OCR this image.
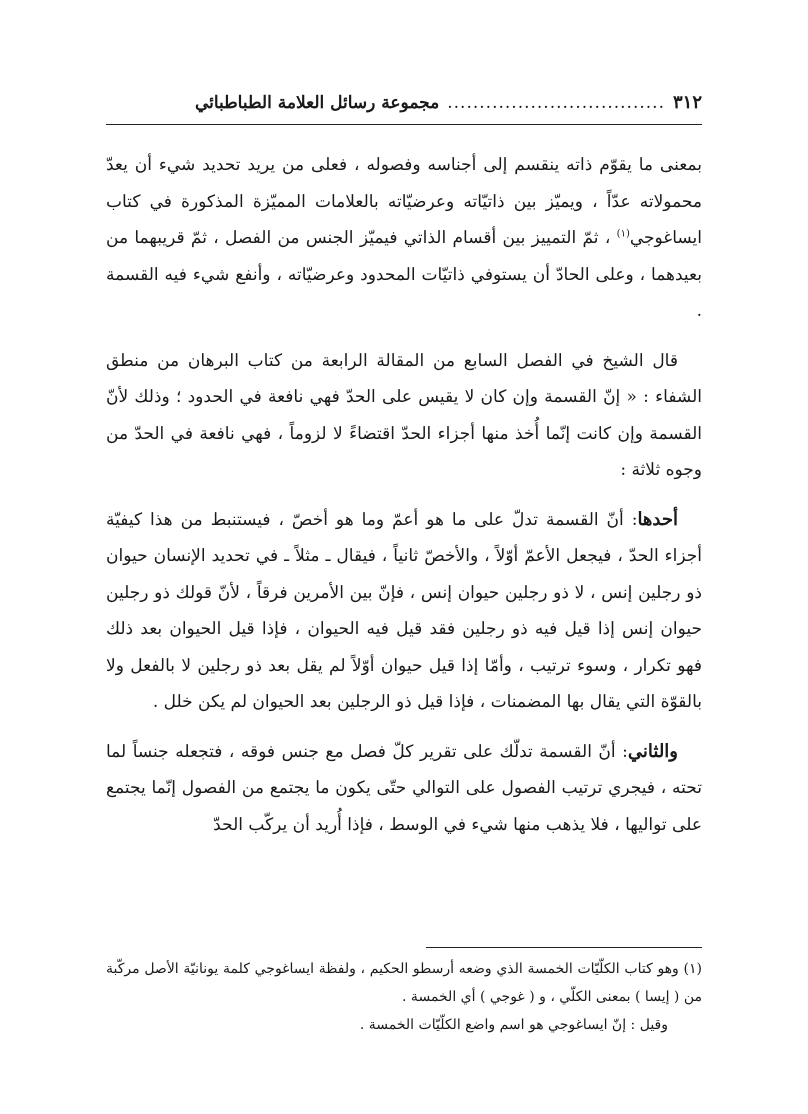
٣١٢
..................................
مجموعة رسائل العلامة الطباطبائي

بمعنى ما يقوّم ذاته ينقسم إلى أجناسه وفصوله ، فعلى من يريد تحديد شيء أن يعدّ محمولاته عدّاً ، ويميّز بين ذاتيّاته وعرضيّاته بالعلامات المميّزة المذكورة في كتاب ايساغوجي$^{(١)}$ ، ثمّ التمييز بين أقسام الذاتي فيميّز الجنس من الفصل ، ثمّ قريبهما من بعيدهما ، وعلى الحادّ أن يستوفي ذاتيّات المحدود وعرضيّاته ، وأنفع شيء فيه القسمة .

قال الشيخ في الفصل السابع من المقالة الرابعة من كتاب البرهان من منطق الشفاء : « إنّ القسمة وإن كان لا يقيس على الحدّ فهي نافعة في الحدود ؛ وذلك لأنّ القسمة وإن كانت إنّما أُخذ منها أجزاء الحدّ اقتضاءً لا لزوماً ، فهي نافعة في الحدّ من وجوه ثلاثة :

أحدها: أنّ القسمة تدلّ على ما هو أعمّ وما هو أخصّ ، فيستنبط من هذا كيفيّة أجزاء الحدّ ، فيجعل الأعمّ أوّلاً ، والأخصّ ثانياً ، فيقال ـ مثلاً ـ في تحديد الإنسان حيوان ذو رجلين إنس ، لا ذو رجلين حيوان إنس ، فإنّ بين الأمرين فرقاً ، لأنّ قولك ذو رجلين حيوان إنس إذا قيل فيه ذو رجلين فقد قيل فيه الحيوان ، فإذا قيل الحيوان بعد ذلك فهو تكرار ، وسوء ترتيب ، وأمّا إذا قيل حيوان أوّلاً لم يقل بعد ذو رجلين لا بالفعل ولا بالقوّة التي يقال بها المضمنات ، فإذا قيل ذو الرجلين بعد الحيوان لم يكن خلل .

والثاني: أنّ القسمة تدلّك على تقرير كلّ فصل مع جنس فوقه ، فتجعله جنساً لما تحته ، فيجري ترتيب الفصول على التوالي حتّى يكون ما يجتمع من الفصول إنّما يجتمع على تواليها ، فلا يذهب منها شيء في الوسط ، فإذا أُريد أن يركّب الحدّ

(١) وهو كتاب الكلّيّات الخمسة الذي وضعه أرسطو الحكيم ، ولفظة ايساغوجي كلمة يونانيّة الأصل مركّبة من ( إيسا ) بمعنى الكلّي ، و ( غوجي ) أي الخمسة .

وقيل : إنّ ايساغوجي هو اسم واضع الكلّيّات الخمسة .
